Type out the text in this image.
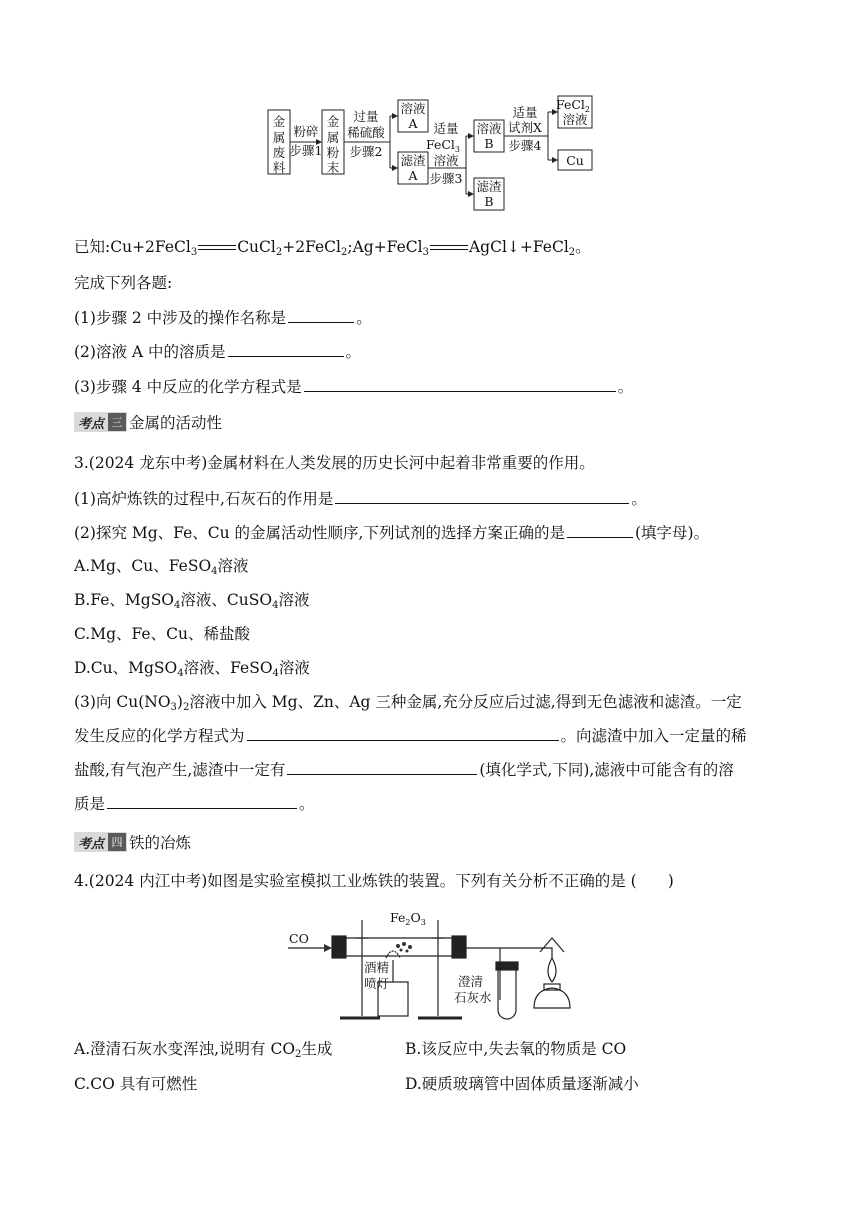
金
属
废
料
粉碎
步骤1
金
属
粉
末
过量
稀硫酸
步骤2
溶液
A
滤渣
A
适量
FeCl$_3$
溶液
步骤3
溶液
B
滤渣
B
适量
试剂X
步骤4
FeCl$_2$
溶液
Cu
已知:Cu+2FeCl$_3$	CuCl$_2$+2FeCl$_2$;Ag+FeCl$_3$	AgCl↓+FeCl$_2$。
完成下列各题:
(1)步骤 2 中涉及的操作名称是	。
(2)溶液 A 中的溶质是	。
(3)步骤 4 中反应的化学方程式是	。
考点 三 金属的活动性
3.(2024 龙东中考)金属材料在人类发展的历史长河中起着非常重要的作用。
(1)高炉炼铁的过程中,石灰石的作用是	。
(2)探究 Mg、Fe、Cu 的金属活动性顺序,下列试剂的选择方案正确的是	(填字母)。
A.Mg、Cu、FeSO$_4$溶液
B.Fe、MgSO$_4$溶液、CuSO$_4$溶液
C.Mg、Fe、Cu、稀盐酸
D.Cu、MgSO$_4$溶液、FeSO$_4$溶液
(3)向 $Cu(NO_3)_2$溶液中加入 Mg、Zn、Ag 三种金属,充分反应后过滤,得到无色滤液和滤渣。一定
发生反应的化学方程式为	。向滤渣中加入一定量的稀
盐酸,有气泡产生,滤渣中一定有	(填化学式,下同),滤液中可能含有的溶
质是	。
考点 四 铁的冶炼
4.(2024 内江中考)如图是实验室模拟工业炼铁的装置。下列有关分析不正确的是 (　　)
CO
$Fe_2O_3$
酒精
喷灯	澄清
石灰水
A.澄清石灰水变浑浊,说明有 $CO_2$生成	B.该反应中,失去氧的物质是 CO
C.CO 具有可燃性	D.硬质玻璃管中固体质量逐渐减小
